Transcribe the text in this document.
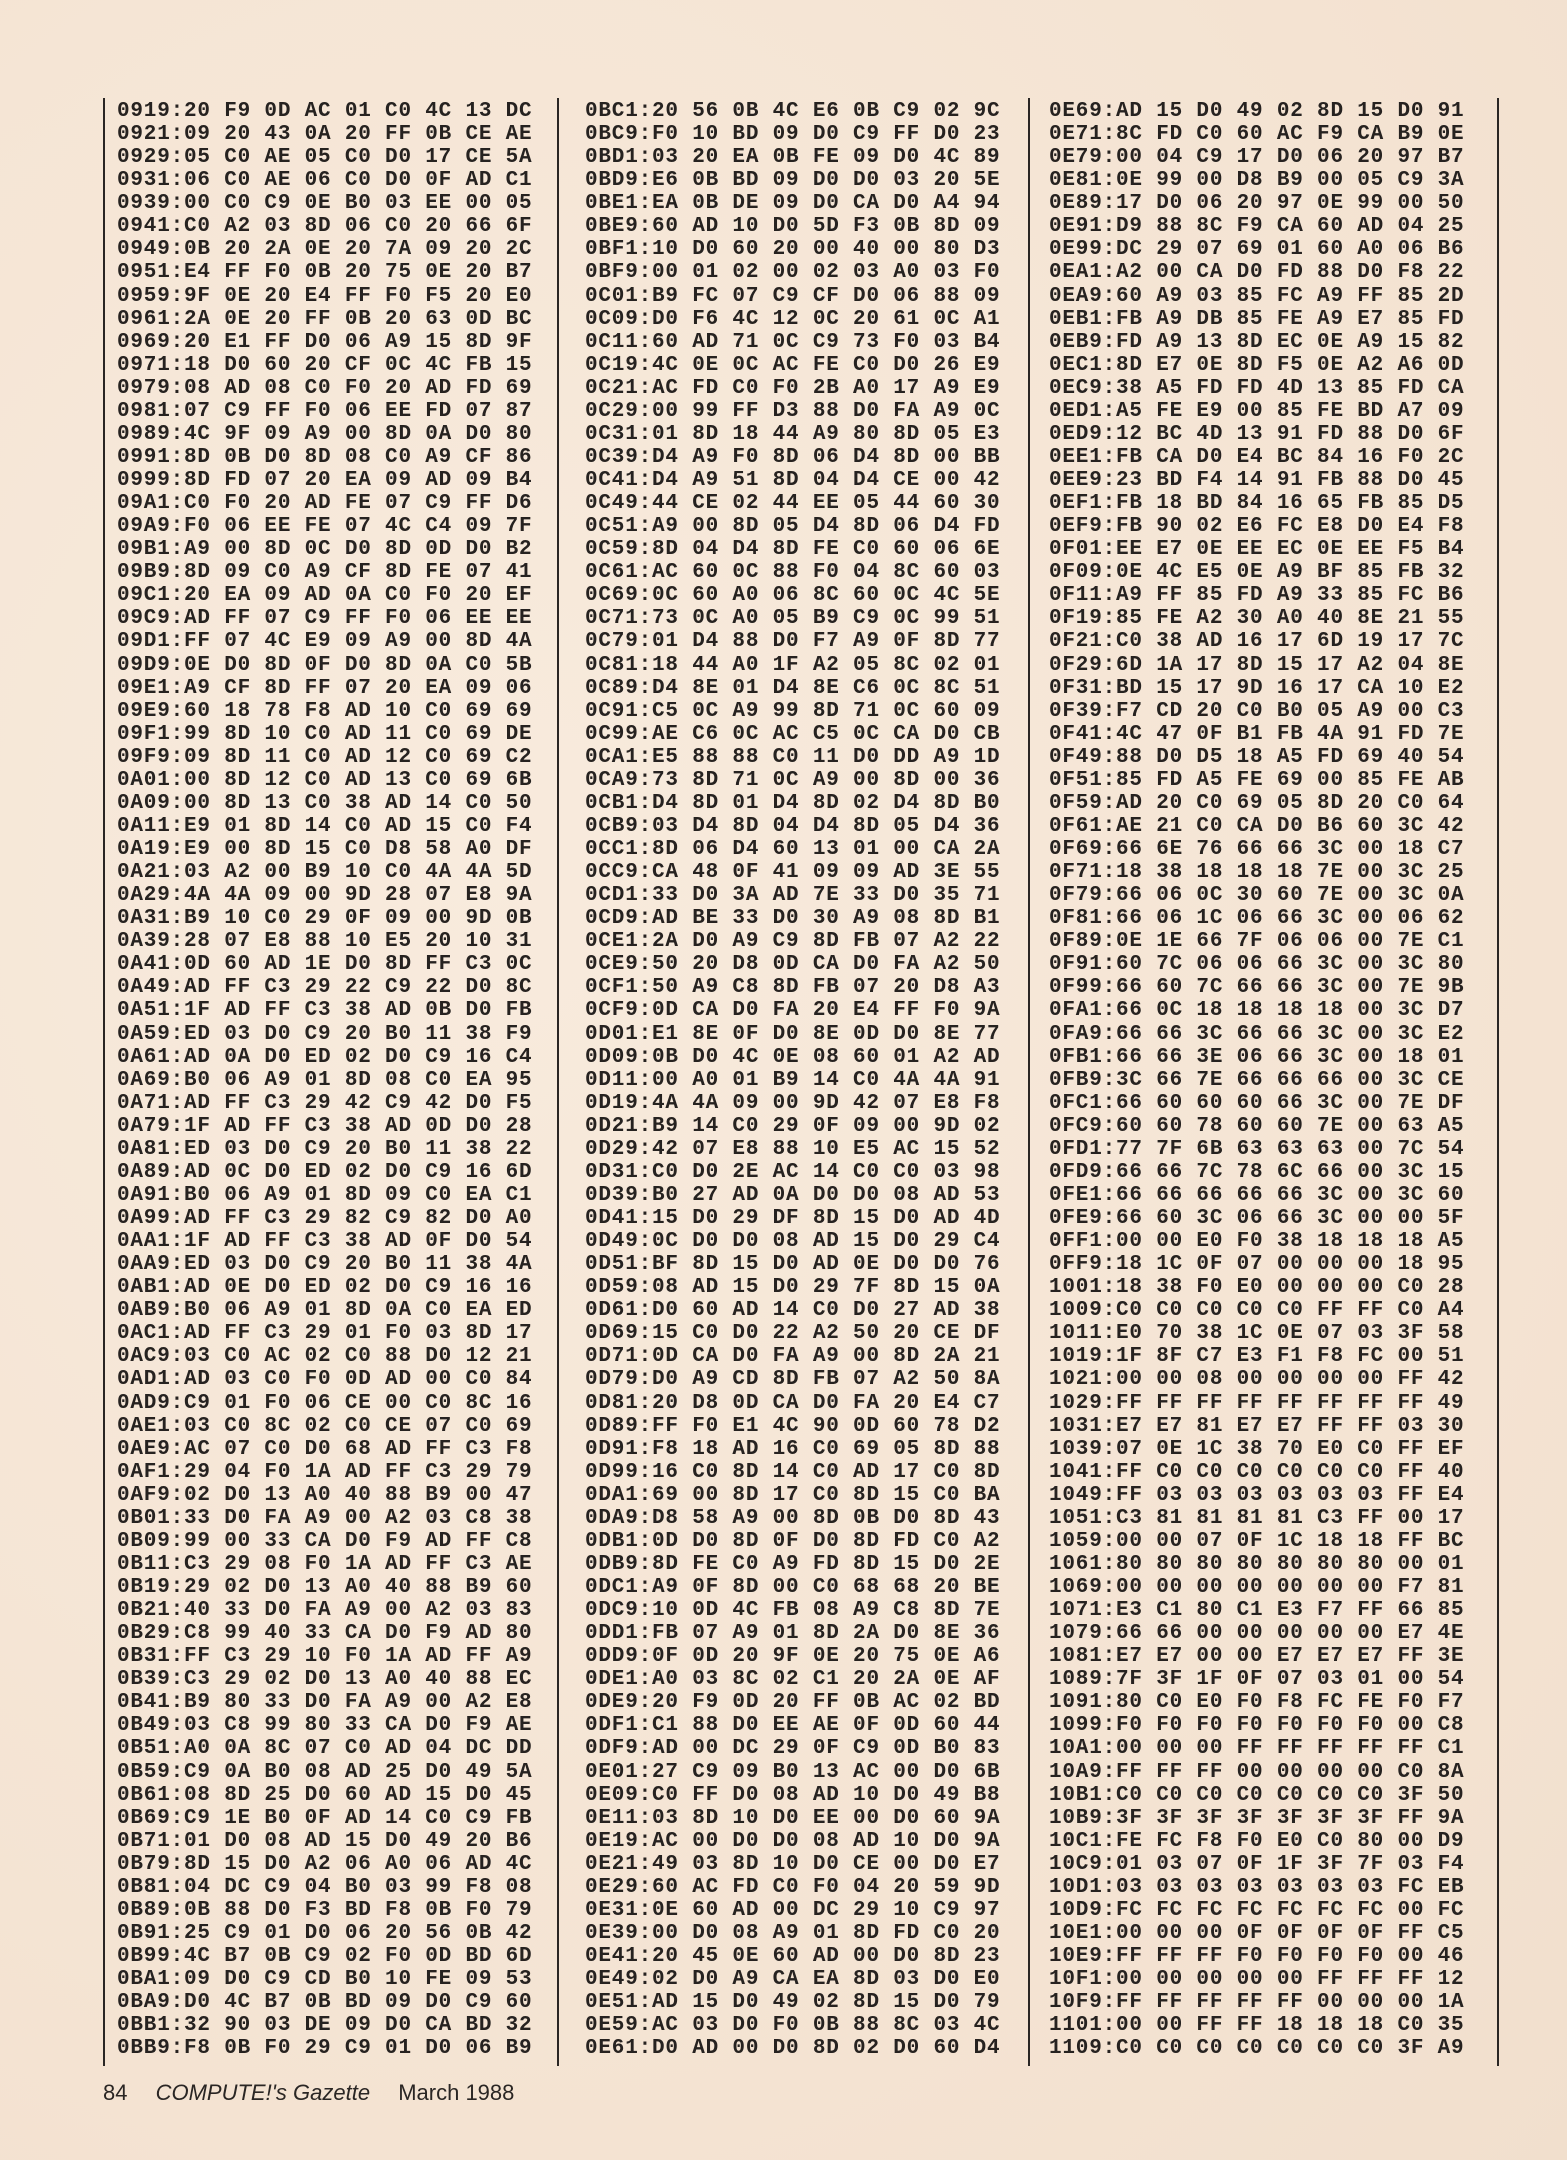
0919:20 F9 0D AC 01 C0 4C 13 DC
0921:09 20 43 0A 20 FF 0B CE AE
0929:05 C0 AE 05 C0 D0 17 CE 5A
0931:06 C0 AE 06 C0 D0 0F AD C1
0939:00 C0 C9 0E B0 03 EE 00 05
0941:C0 A2 03 8D 06 C0 20 66 6F
0949:0B 20 2A 0E 20 7A 09 20 2C
0951:E4 FF F0 0B 20 75 0E 20 B7
0959:9F 0E 20 E4 FF F0 F5 20 E0
0961:2A 0E 20 FF 0B 20 63 0D BC
0969:20 E1 FF D0 06 A9 15 8D 9F
0971:18 D0 60 20 CF 0C 4C FB 15
0979:08 AD 08 C0 F0 20 AD FD 69
0981:07 C9 FF F0 06 EE FD 07 87
0989:4C 9F 09 A9 00 8D 0A D0 80
0991:8D 0B D0 8D 08 C0 A9 CF 86
0999:8D FD 07 20 EA 09 AD 09 B4
09A1:C0 F0 20 AD FE 07 C9 FF D6
09A9:F0 06 EE FE 07 4C C4 09 7F
09B1:A9 00 8D 0C D0 8D 0D D0 B2
09B9:8D 09 C0 A9 CF 8D FE 07 41
09C1:20 EA 09 AD 0A C0 F0 20 EF
09C9:AD FF 07 C9 FF F0 06 EE EE
09D1:FF 07 4C E9 09 A9 00 8D 4A
09D9:0E D0 8D 0F D0 8D 0A C0 5B
09E1:A9 CF 8D FF 07 20 EA 09 06
09E9:60 18 78 F8 AD 10 C0 69 69
09F1:99 8D 10 C0 AD 11 C0 69 DE
09F9:09 8D 11 C0 AD 12 C0 69 C2
0A01:00 8D 12 C0 AD 13 C0 69 6B
0A09:00 8D 13 C0 38 AD 14 C0 50
0A11:E9 01 8D 14 C0 AD 15 C0 F4
0A19:E9 00 8D 15 C0 D8 58 A0 DF
0A21:03 A2 00 B9 10 C0 4A 4A 5D
0A29:4A 4A 09 00 9D 28 07 E8 9A
0A31:B9 10 C0 29 0F 09 00 9D 0B
0A39:28 07 E8 88 10 E5 20 10 31
0A41:0D 60 AD 1E D0 8D FF C3 0C
0A49:AD FF C3 29 22 C9 22 D0 8C
0A51:1F AD FF C3 38 AD 0B D0 FB
0A59:ED 03 D0 C9 20 B0 11 38 F9
0A61:AD 0A D0 ED 02 D0 C9 16 C4
0A69:B0 06 A9 01 8D 08 C0 EA 95
0A71:AD FF C3 29 42 C9 42 D0 F5
0A79:1F AD FF C3 38 AD 0D D0 28
0A81:ED 03 D0 C9 20 B0 11 38 22
0A89:AD 0C D0 ED 02 D0 C9 16 6D
0A91:B0 06 A9 01 8D 09 C0 EA C1
0A99:AD FF C3 29 82 C9 82 D0 A0
0AA1:1F AD FF C3 38 AD 0F D0 54
0AA9:ED 03 D0 C9 20 B0 11 38 4A
0AB1:AD 0E D0 ED 02 D0 C9 16 16
0AB9:B0 06 A9 01 8D 0A C0 EA ED
0AC1:AD FF C3 29 01 F0 03 8D 17
0AC9:03 C0 AC 02 C0 88 D0 12 21
0AD1:AD 03 C0 F0 0D AD 00 C0 84
0AD9:C9 01 F0 06 CE 00 C0 8C 16
0AE1:03 C0 8C 02 C0 CE 07 C0 69
0AE9:AC 07 C0 D0 68 AD FF C3 F8
0AF1:29 04 F0 1A AD FF C3 29 79
0AF9:02 D0 13 A0 40 88 B9 00 47
0B01:33 D0 FA A9 00 A2 03 C8 38
0B09:99 00 33 CA D0 F9 AD FF C8
0B11:C3 29 08 F0 1A AD FF C3 AE
0B19:29 02 D0 13 A0 40 88 B9 60
0B21:40 33 D0 FA A9 00 A2 03 83
0B29:C8 99 40 33 CA D0 F9 AD 80
0B31:FF C3 29 10 F0 1A AD FF A9
0B39:C3 29 02 D0 13 A0 40 88 EC
0B41:B9 80 33 D0 FA A9 00 A2 E8
0B49:03 C8 99 80 33 CA D0 F9 AE
0B51:A0 0A 8C 07 C0 AD 04 DC DD
0B59:C9 0A B0 08 AD 25 D0 49 5A
0B61:08 8D 25 D0 60 AD 15 D0 45
0B69:C9 1E B0 0F AD 14 C0 C9 FB
0B71:01 D0 08 AD 15 D0 49 20 B6
0B79:8D 15 D0 A2 06 A0 06 AD 4C
0B81:04 DC C9 04 B0 03 99 F8 08
0B89:0B 88 D0 F3 BD F8 0B F0 79
0B91:25 C9 01 D0 06 20 56 0B 42
0B99:4C B7 0B C9 02 F0 0D BD 6D
0BA1:09 D0 C9 CD B0 10 FE 09 53
0BA9:D0 4C B7 0B BD 09 D0 C9 60
0BB1:32 90 03 DE 09 D0 CA BD 32
0BB9:F8 0B F0 29 C9 01 D0 06 B9
0BC1:20 56 0B 4C E6 0B C9 02 9C
0BC9:F0 10 BD 09 D0 C9 FF D0 23
0BD1:03 20 EA 0B FE 09 D0 4C 89
0BD9:E6 0B BD 09 D0 D0 03 20 5E
0BE1:EA 0B DE 09 D0 CA D0 A4 94
0BE9:60 AD 10 D0 5D F3 0B 8D 09
0BF1:10 D0 60 20 00 40 00 80 D3
0BF9:00 01 02 00 02 03 A0 03 F0
0C01:B9 FC 07 C9 CF D0 06 88 09
0C09:D0 F6 4C 12 0C 20 61 0C A1
0C11:60 AD 71 0C C9 73 F0 03 B4
0C19:4C 0E 0C AC FE C0 D0 26 E9
0C21:AC FD C0 F0 2B A0 17 A9 E9
0C29:00 99 FF D3 88 D0 FA A9 0C
0C31:01 8D 18 44 A9 80 8D 05 E3
0C39:D4 A9 F0 8D 06 D4 8D 00 BB
0C41:D4 A9 51 8D 04 D4 CE 00 42
0C49:44 CE 02 44 EE 05 44 60 30
0C51:A9 00 8D 05 D4 8D 06 D4 FD
0C59:8D 04 D4 8D FE C0 60 06 6E
0C61:AC 60 0C 88 F0 04 8C 60 03
0C69:0C 60 A0 06 8C 60 0C 4C 5E
0C71:73 0C A0 05 B9 C9 0C 99 51
0C79:01 D4 88 D0 F7 A9 0F 8D 77
0C81:18 44 A0 1F A2 05 8C 02 01
0C89:D4 8E 01 D4 8E C6 0C 8C 51
0C91:C5 0C A9 99 8D 71 0C 60 09
0C99:AE C6 0C AC C5 0C CA D0 CB
0CA1:E5 88 88 C0 11 D0 DD A9 1D
0CA9:73 8D 71 0C A9 00 8D 00 36
0CB1:D4 8D 01 D4 8D 02 D4 8D B0
0CB9:03 D4 8D 04 D4 8D 05 D4 36
0CC1:8D 06 D4 60 13 01 00 CA 2A
0CC9:CA 48 0F 41 09 09 AD 3E 55
0CD1:33 D0 3A AD 7E 33 D0 35 71
0CD9:AD BE 33 D0 30 A9 08 8D B1
0CE1:2A D0 A9 C9 8D FB 07 A2 22
0CE9:50 20 D8 0D CA D0 FA A2 50
0CF1:50 A9 C8 8D FB 07 20 D8 A3
0CF9:0D CA D0 FA 20 E4 FF F0 9A
0D01:E1 8E 0F D0 8E 0D D0 8E 77
0D09:0B D0 4C 0E 08 60 01 A2 AD
0D11:00 A0 01 B9 14 C0 4A 4A 91
0D19:4A 4A 09 00 9D 42 07 E8 F8
0D21:B9 14 C0 29 0F 09 00 9D 02
0D29:42 07 E8 88 10 E5 AC 15 52
0D31:C0 D0 2E AC 14 C0 C0 03 98
0D39:B0 27 AD 0A D0 D0 08 AD 53
0D41:15 D0 29 DF 8D 15 D0 AD 4D
0D49:0C D0 D0 08 AD 15 D0 29 C4
0D51:BF 8D 15 D0 AD 0E D0 D0 76
0D59:08 AD 15 D0 29 7F 8D 15 0A
0D61:D0 60 AD 14 C0 D0 27 AD 38
0D69:15 C0 D0 22 A2 50 20 CE DF
0D71:0D CA D0 FA A9 00 8D 2A 21
0D79:D0 A9 CD 8D FB 07 A2 50 8A
0D81:20 D8 0D CA D0 FA 20 E4 C7
0D89:FF F0 E1 4C 90 0D 60 78 D2
0D91:F8 18 AD 16 C0 69 05 8D 88
0D99:16 C0 8D 14 C0 AD 17 C0 8D
0DA1:69 00 8D 17 C0 8D 15 C0 BA
0DA9:D8 58 A9 00 8D 0B D0 8D 43
0DB1:0D D0 8D 0F D0 8D FD C0 A2
0DB9:8D FE C0 A9 FD 8D 15 D0 2E
0DC1:A9 0F 8D 00 C0 68 68 20 BE
0DC9:10 0D 4C FB 08 A9 C8 8D 7E
0DD1:FB 07 A9 01 8D 2A D0 8E 36
0DD9:0F 0D 20 9F 0E 20 75 0E A6
0DE1:A0 03 8C 02 C1 20 2A 0E AF
0DE9:20 F9 0D 20 FF 0B AC 02 BD
0DF1:C1 88 D0 EE AE 0F 0D 60 44
0DF9:AD 00 DC 29 0F C9 0D B0 83
0E01:27 C9 09 B0 13 AC 00 D0 6B
0E09:C0 FF D0 08 AD 10 D0 49 B8
0E11:03 8D 10 D0 EE 00 D0 60 9A
0E19:AC 00 D0 D0 08 AD 10 D0 9A
0E21:49 03 8D 10 D0 CE 00 D0 E7
0E29:60 AC FD C0 F0 04 20 59 9D
0E31:0E 60 AD 00 DC 29 10 C9 97
0E39:00 D0 08 A9 01 8D FD C0 20
0E41:20 45 0E 60 AD 00 D0 8D 23
0E49:02 D0 A9 CA EA 8D 03 D0 E0
0E51:AD 15 D0 49 02 8D 15 D0 79
0E59:AC 03 D0 F0 0B 88 8C 03 4C
0E61:D0 AD 00 D0 8D 02 D0 60 D4
0E69:AD 15 D0 49 02 8D 15 D0 91
0E71:8C FD C0 60 AC F9 CA B9 0E
0E79:00 04 C9 17 D0 06 20 97 B7
0E81:0E 99 00 D8 B9 00 05 C9 3A
0E89:17 D0 06 20 97 0E 99 00 50
0E91:D9 88 8C F9 CA 60 AD 04 25
0E99:DC 29 07 69 01 60 A0 06 B6
0EA1:A2 00 CA D0 FD 88 D0 F8 22
0EA9:60 A9 03 85 FC A9 FF 85 2D
0EB1:FB A9 DB 85 FE A9 E7 85 FD
0EB9:FD A9 13 8D EC 0E A9 15 82
0EC1:8D E7 0E 8D F5 0E A2 A6 0D
0EC9:38 A5 FD FD 4D 13 85 FD CA
0ED1:A5 FE E9 00 85 FE BD A7 09
0ED9:12 BC 4D 13 91 FD 88 D0 6F
0EE1:FB CA D0 E4 BC 84 16 F0 2C
0EE9:23 BD F4 14 91 FB 88 D0 45
0EF1:FB 18 BD 84 16 65 FB 85 D5
0EF9:FB 90 02 E6 FC E8 D0 E4 F8
0F01:EE E7 0E EE EC 0E EE F5 B4
0F09:0E 4C E5 0E A9 BF 85 FB 32
0F11:A9 FF 85 FD A9 33 85 FC B6
0F19:85 FE A2 30 A0 40 8E 21 55
0F21:C0 38 AD 16 17 6D 19 17 7C
0F29:6D 1A 17 8D 15 17 A2 04 8E
0F31:BD 15 17 9D 16 17 CA 10 E2
0F39:F7 CD 20 C0 B0 05 A9 00 C3
0F41:4C 47 0F B1 FB 4A 91 FD 7E
0F49:88 D0 D5 18 A5 FD 69 40 54
0F51:85 FD A5 FE 69 00 85 FE AB
0F59:AD 20 C0 69 05 8D 20 C0 64
0F61:AE 21 C0 CA D0 B6 60 3C 42
0F69:66 6E 76 66 66 3C 00 18 C7
0F71:18 38 18 18 18 7E 00 3C 25
0F79:66 06 0C 30 60 7E 00 3C 0A
0F81:66 06 1C 06 66 3C 00 06 62
0F89:0E 1E 66 7F 06 06 00 7E C1
0F91:60 7C 06 06 66 3C 00 3C 80
0F99:66 60 7C 66 66 3C 00 7E 9B
0FA1:66 0C 18 18 18 18 00 3C D7
0FA9:66 66 3C 66 66 3C 00 3C E2
0FB1:66 66 3E 06 66 3C 00 18 01
0FB9:3C 66 7E 66 66 66 00 3C CE
0FC1:66 60 60 60 66 3C 00 7E DF
0FC9:60 60 78 60 60 7E 00 63 A5
0FD1:77 7F 6B 63 63 63 00 7C 54
0FD9:66 66 7C 78 6C 66 00 3C 15
0FE1:66 66 66 66 66 3C 00 3C 60
0FE9:66 60 3C 06 66 3C 00 00 5F
0FF1:00 00 E0 F0 38 18 18 18 A5
0FF9:18 1C 0F 07 00 00 00 18 95
1001:18 38 F0 E0 00 00 00 C0 28
1009:C0 C0 C0 C0 C0 FF FF C0 A4
1011:E0 70 38 1C 0E 07 03 3F 58
1019:1F 8F C7 E3 F1 F8 FC 00 51
1021:00 00 08 00 00 00 00 FF 42
1029:FF FF FF FF FF FF FF FF 49
1031:E7 E7 81 E7 E7 FF FF 03 30
1039:07 0E 1C 38 70 E0 C0 FF EF
1041:FF C0 C0 C0 C0 C0 C0 FF 40
1049:FF 03 03 03 03 03 03 FF E4
1051:C3 81 81 81 81 C3 FF 00 17
1059:00 00 07 0F 1C 18 18 FF BC
1061:80 80 80 80 80 80 80 00 01
1069:00 00 00 00 00 00 00 F7 81
1071:E3 C1 80 C1 E3 F7 FF 66 85
1079:66 66 00 00 00 00 00 E7 4E
1081:E7 E7 00 00 E7 E7 E7 FF 3E
1089:7F 3F 1F 0F 07 03 01 00 54
1091:80 C0 E0 F0 F8 FC FE F0 F7
1099:F0 F0 F0 F0 F0 F0 F0 00 C8
10A1:00 00 00 FF FF FF FF FF C1
10A9:FF FF FF 00 00 00 00 C0 8A
10B1:C0 C0 C0 C0 C0 C0 C0 3F 50
10B9:3F 3F 3F 3F 3F 3F 3F FF 9A
10C1:FE FC F8 F0 E0 C0 80 00 D9
10C9:01 03 07 0F 1F 3F 7F 03 F4
10D1:03 03 03 03 03 03 03 FC EB
10D9:FC FC FC FC FC FC FC 00 FC
10E1:00 00 00 0F 0F 0F 0F FF C5
10E9:FF FF FF F0 F0 F0 F0 00 46
10F1:00 00 00 00 00 FF FF FF 12
10F9:FF FF FF FF FF 00 00 00 1A
1101:00 00 FF FF 18 18 18 C0 35
1109:C0 C0 C0 C0 C0 C0 C0 3F A9
84 COMPUTE!'s Gazette March 1988
